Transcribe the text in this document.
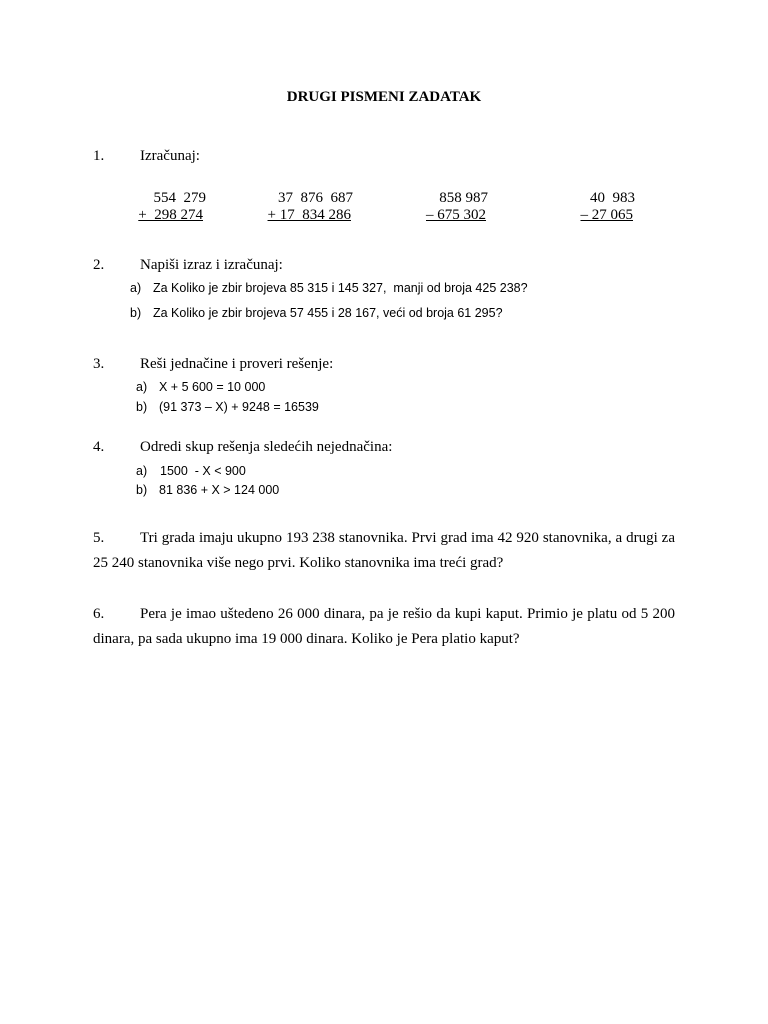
DRUGI PISMENI ZADATAK
1. Izračunaj:
554  279
+  298 274
37  876  687
+ 17  834 286
858 987
– 675 302
40  983
– 27 065
2. Napiši izraz i izračunaj:
a) Za Koliko je zbir brojeva 85 315 i 145 327,  manji od broja 425 238?
b) Za Koliko je zbir brojeva 57 455 i 28 167, veći od broja 61 295?
3. Reši jednačine i proveri rešenje:
a) X + 5 600 = 10 000
b) (91 373 – X) + 9248 = 16539
4. Odredi skup rešenja sledećih nejednačina:
a) 1500  - X < 900
b) 81 836 + X > 124 000
5. Tri grada imaju ukupno 193 238 stanovnika. Prvi grad ima 42 920 stanovnika, a drugi za 25 240 stanovnika više nego prvi. Koliko stanovnika ima treći grad?
6. Pera je imao uštedeno 26 000 dinara, pa je rešio da kupi kaput. Primio je platu od 5 200 dinara, pa sada ukupno ima 19 000 dinara. Koliko je Pera platio kaput?
